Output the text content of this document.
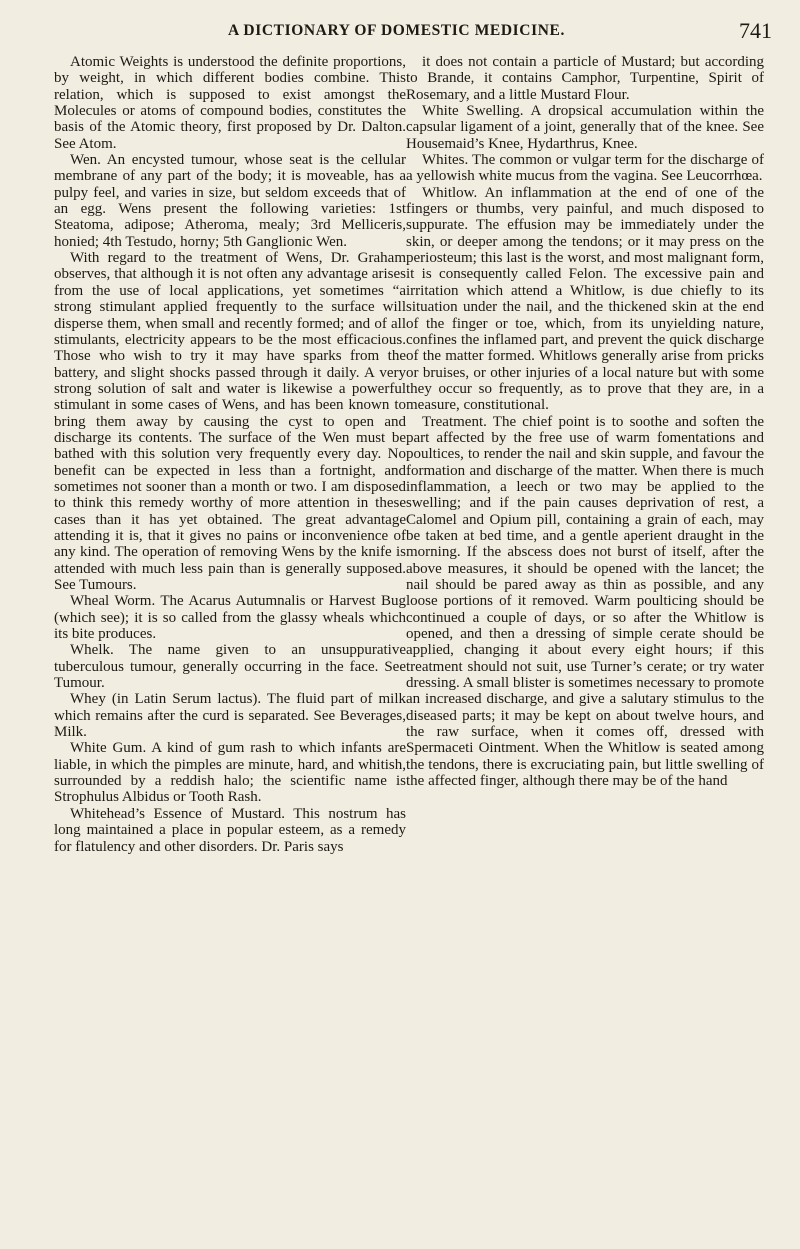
A DICTIONARY OF DOMESTIC MEDICINE.	741

Atomic Weights is understood the definite proportions, by weight, in which different bodies combine. This relation, which is supposed to exist amongst the Molecules or atoms of compound bodies, constitutes the basis of the Atomic theory, first proposed by Dr. Dalton. See Atom.

Wen. An encysted tumour, whose seat is the cellular membrane of any part of the body; it is moveable, has a pulpy feel, and varies in size, but seldom exceeds that of an egg. Wens present the following varieties: 1st Steatoma, adipose; Atheroma, mealy; 3rd Melliceris, honied; 4th Testudo, horny; 5th Ganglionic Wen.

With regard to the treatment of Wens, Dr. Graham observes, that although it is not often any advantage arises from the use of local applications, yet sometimes “a strong stimulant applied frequently to the surface will disperse them, when small and recently formed; and of all stimulants, electricity appears to be the most efficacious. Those who wish to try it may have sparks from the battery, and slight shocks passed through it daily. A very strong solution of salt and water is likewise a powerful stimulant in some cases of Wens, and has been known to bring them away by causing the cyst to open and discharge its contents. The surface of the Wen must be bathed with this solution very frequently every day. No benefit can be expected in less than a fortnight, and sometimes not sooner than a month or two. I am disposed to think this remedy worthy of more attention in these cases than it has yet obtained. The great advantage attending it is, that it gives no pains or inconvenience of any kind. The operation of removing Wens by the knife is attended with much less pain than is generally supposed. See Tumours.

Wheal Worm. The Acarus Autumnalis or Harvest Bug (which see); it is so called from the glassy wheals which its bite produces.

Whelk. The name given to an unsuppurative tuberculous tumour, generally occurring in the face. See Tumour.

Whey (in Latin Serum lactus). The fluid part of milk which remains after the curd is separated. See Beverages, Milk.

White Gum. A kind of gum rash to which infants are liable, in which the pimples are minute, hard, and whitish, surrounded by a reddish halo; the scientific name is Strophulus Albidus or Tooth Rash.

Whitehead’s Essence of Mustard. This nostrum has long maintained a place in popular esteem, as a remedy for flatulency and other disorders. Dr. Paris says

it does not contain a particle of Mustard; but according to Brande, it contains Camphor, Turpentine, Spirit of Rosemary, and a little Mustard Flour.

White Swelling. A dropsical accumulation within the capsular ligament of a joint, generally that of the knee. See Housemaid’s Knee, Hydarthrus, Knee.

Whites. The common or vulgar term for the discharge of a yellowish white mucus from the vagina. See Leucorrhœa.

Whitlow. An inflammation at the end of one of the fingers or thumbs, very painful, and much disposed to suppurate. The effusion may be immediately under the skin, or deeper among the tendons; or it may press on the periosteum; this last is the worst, and most malignant form, it is consequently called Felon. The excessive pain and irritation which attend a Whitlow, is due chiefly to its situation under the nail, and the thickened skin at the end of the finger or toe, which, from its unyielding nature, confines the inflamed part, and prevent the quick discharge of the matter formed. Whitlows generally arise from pricks or bruises, or other injuries of a local nature but with some they occur so frequently, as to prove that they are, in a measure, constitutional.

Treatment. The chief point is to soothe and soften the part affected by the free use of warm fomentations and poultices, to render the nail and skin supple, and favour the formation and discharge of the matter. When there is much inflammation, a leech or two may be applied to the swelling; and if the pain causes deprivation of rest, a Calomel and Opium pill, containing a grain of each, may be taken at bed time, and a gentle aperient draught in the morning. If the abscess does not burst of itself, after the above measures, it should be opened with the lancet; the nail should be pared away as thin as possible, and any loose portions of it removed. Warm poulticing should be continued a couple of days, or so after the Whitlow is opened, and then a dressing of simple cerate should be applied, changing it about every eight hours; if this treatment should not suit, use Turner’s cerate; or try water dressing. A small blister is sometimes necessary to promote an increased discharge, and give a salutary stimulus to the diseased parts; it may be kept on about twelve hours, and the raw surface, when it comes off, dressed with Spermaceti Ointment. When the Whitlow is seated among the tendons, there is excruciating pain, but little swelling of the affected finger, although there may be of the hand
